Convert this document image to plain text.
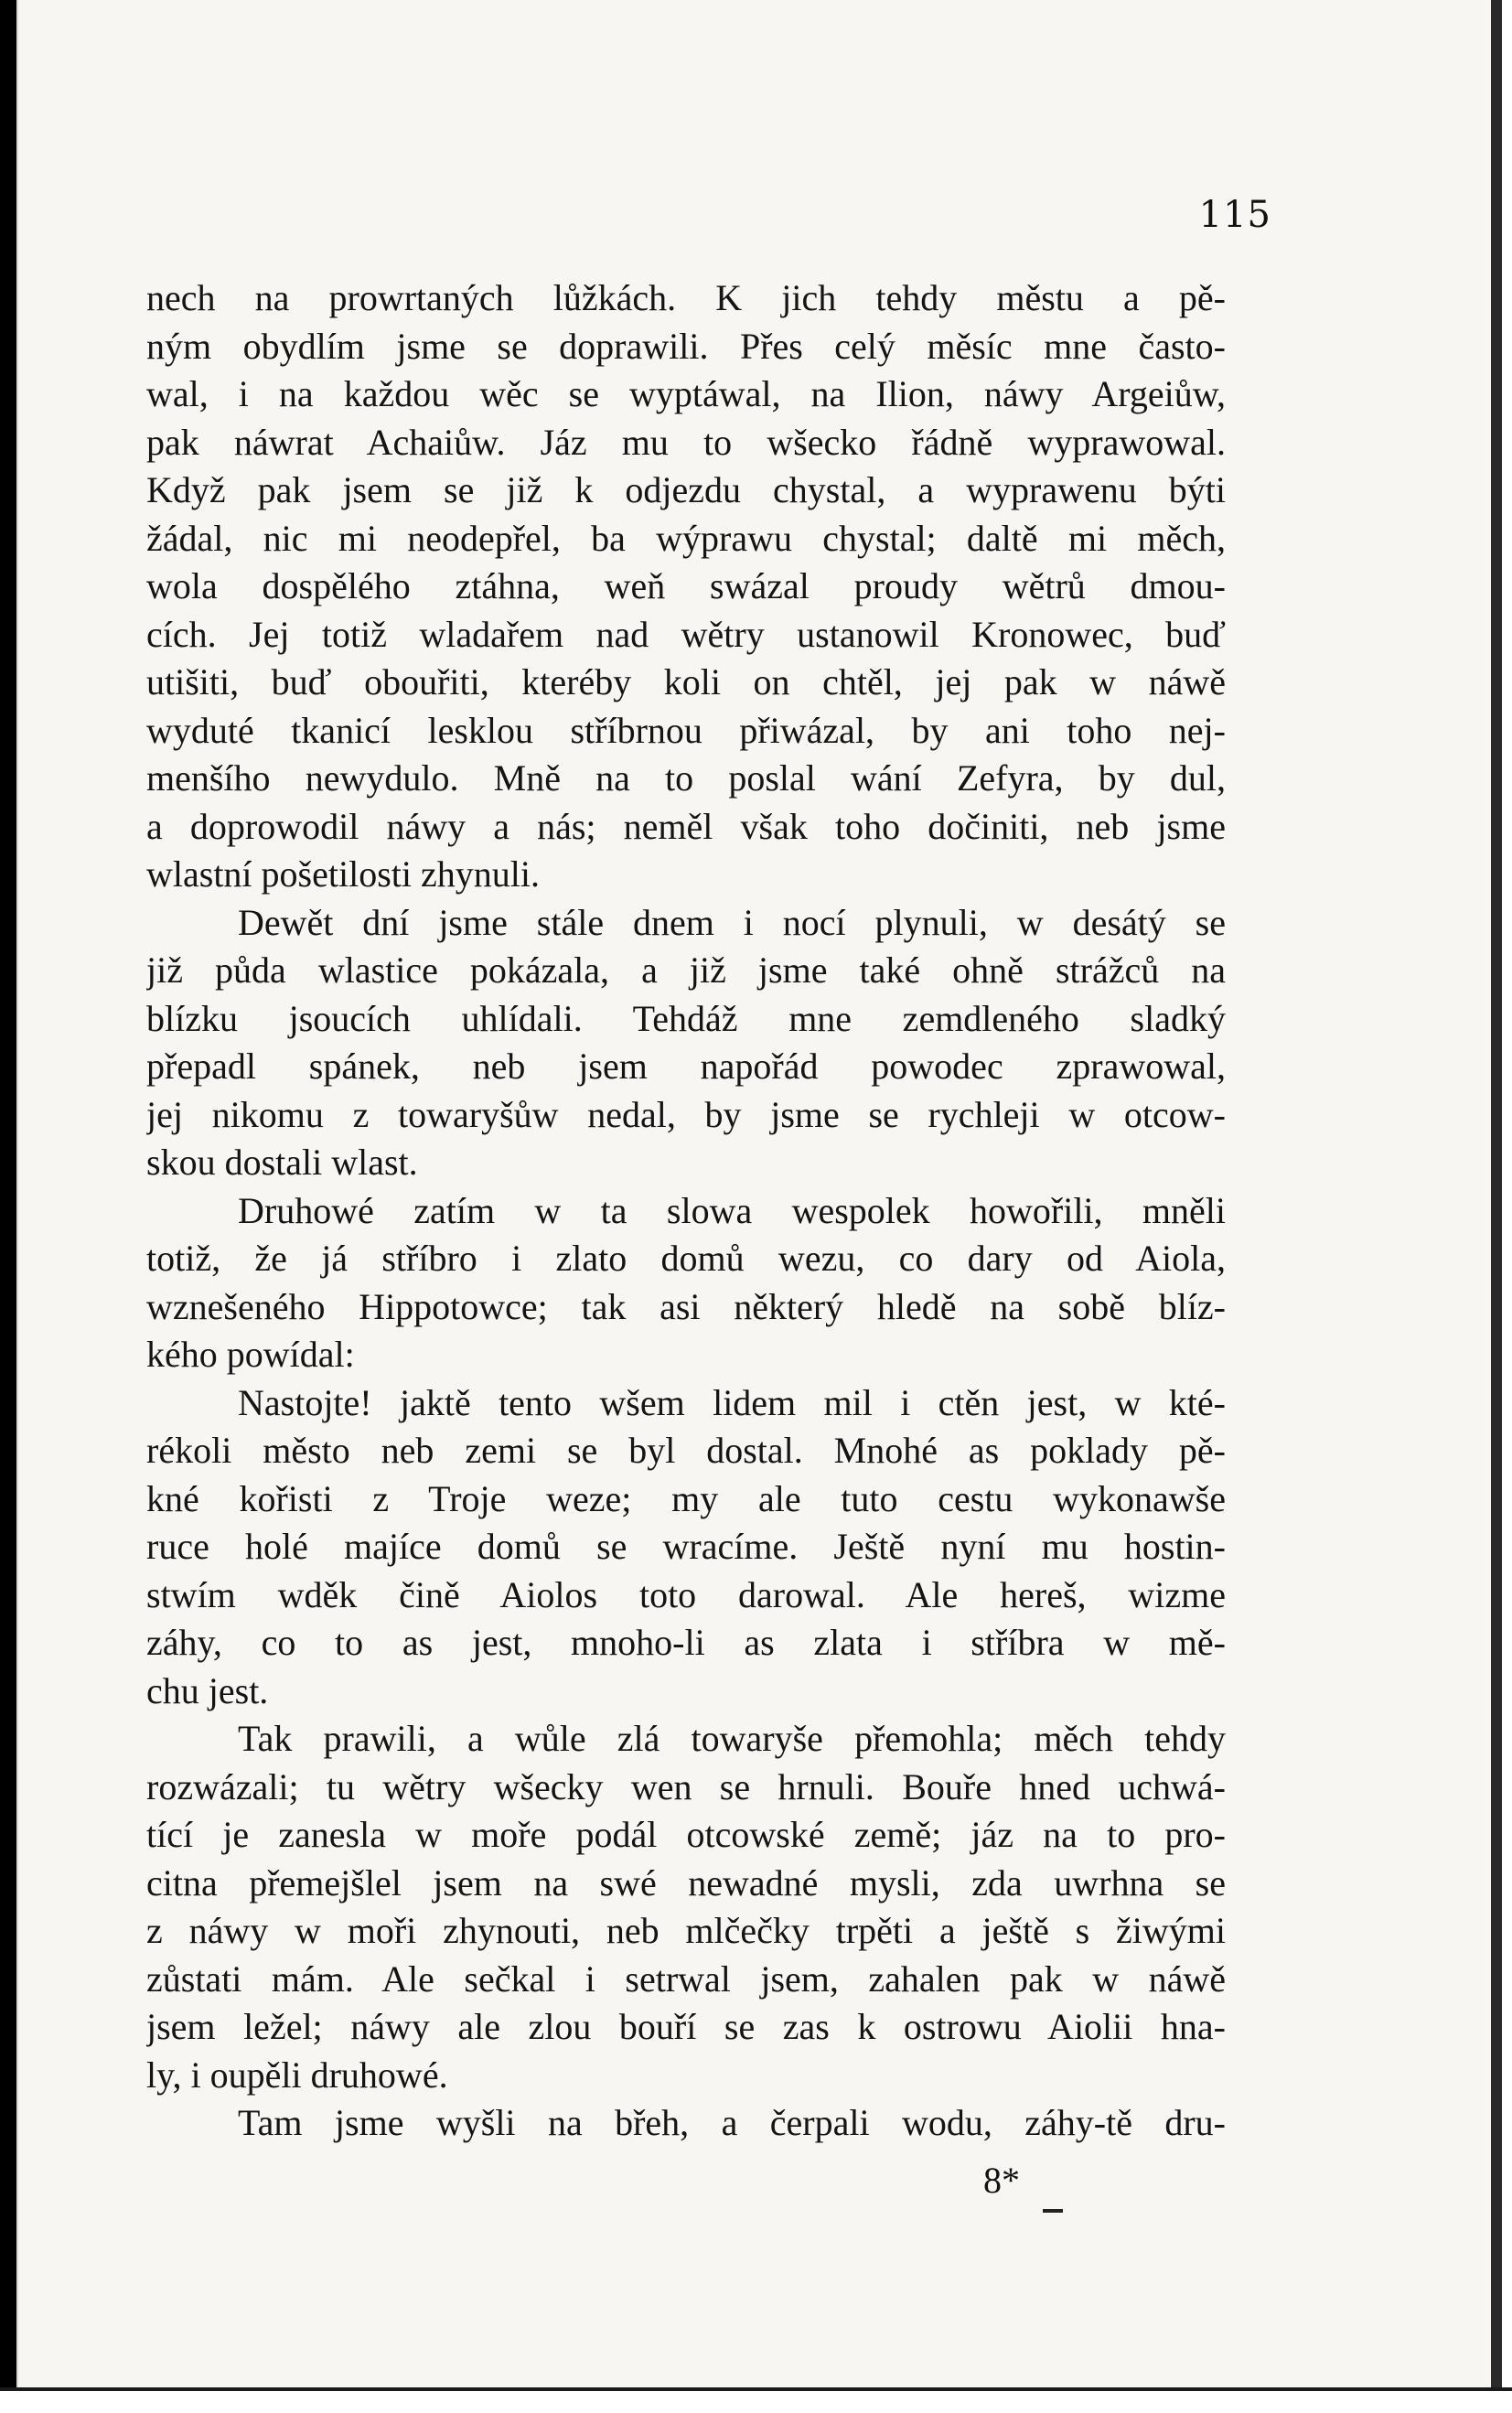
115
nech na prowrtaných lůžkách. K jich tehdy městu a pě-
ným obydlím jsme se doprawili. Přes celý měsíc mne často-
wal, i na každou wěc se wyptáwal, na Ilion, náwy Argeiůw,
pak náwrat Achaiůw. Jáz mu to wšecko řádně wyprawowal.
Když pak jsem se již k odjezdu chystal, a wyprawenu býti
žádal, nic mi neodepřel, ba wýprawu chystal; daltě mi měch,
wola dospělého ztáhna, weň swázal proudy wětrů dmou-
cích. Jej totiž wladařem nad wětry ustanowil Kronowec, buď
utišiti, buď obouřiti, kteréby koli on chtěl, jej pak w náwě
wyduté tkanicí lesklou stříbrnou přiwázal, by ani toho nej-
menšího newydulo. Mně na to poslal wání Zefyra, by dul,
a doprowodil náwy a nás; neměl však toho dočiniti, neb jsme
wlastní pošetilosti zhynuli.
Dewět dní jsme stále dnem i nocí plynuli, w desátý se
již půda wlastice pokázala, a již jsme také ohně strážců na
blízku jsoucích uhlídali. Tehdáž mne zemdleného sladký
přepadl spánek, neb jsem napořád powodec zprawowal,
jej nikomu z towaryšůw nedal, by jsme se rychleji w otcow-
skou dostali wlast.
Druhowé zatím w ta slowa wespolek howořili, mněli
totiž, že já stříbro i zlato domů wezu, co dary od Aiola,
wznešeného Hippotowce; tak asi některý hledě na sobě blíz-
kého powídal:
Nastojte! jaktě tento wšem lidem mil i ctěn jest, w kté-
rékoli město neb zemi se byl dostal. Mnohé as poklady pě-
kné kořisti z Troje weze; my ale tuto cestu wykonawše
ruce holé majíce domů se wracíme. Ještě nyní mu hostin-
stwím wděk čině Aiolos toto darowal. Ale hereš, wizme
záhy, co to as jest, mnoho-li as zlata i stříbra w mě-
chu jest.
Tak prawili, a wůle zlá towaryše přemohla; měch tehdy
rozwázali; tu wětry wšecky wen se hrnuli. Bouře hned uchwá-
tící je zanesla w moře podál otcowské země; jáz na to pro-
citna přemejšlel jsem na swé newadné mysli, zda uwrhna se
z náwy w moři zhynouti, neb mlčečky trpěti a ještě s žiwými
zůstati mám. Ale sečkal i setrwal jsem, zahalen pak w náwě
jsem ležel; náwy ale zlou bouří se zas k ostrowu Aiolii hna-
ly, i oupěli druhowé.
Tam jsme wyšli na břeh, a čerpali wodu, záhy-tě dru-
8*
